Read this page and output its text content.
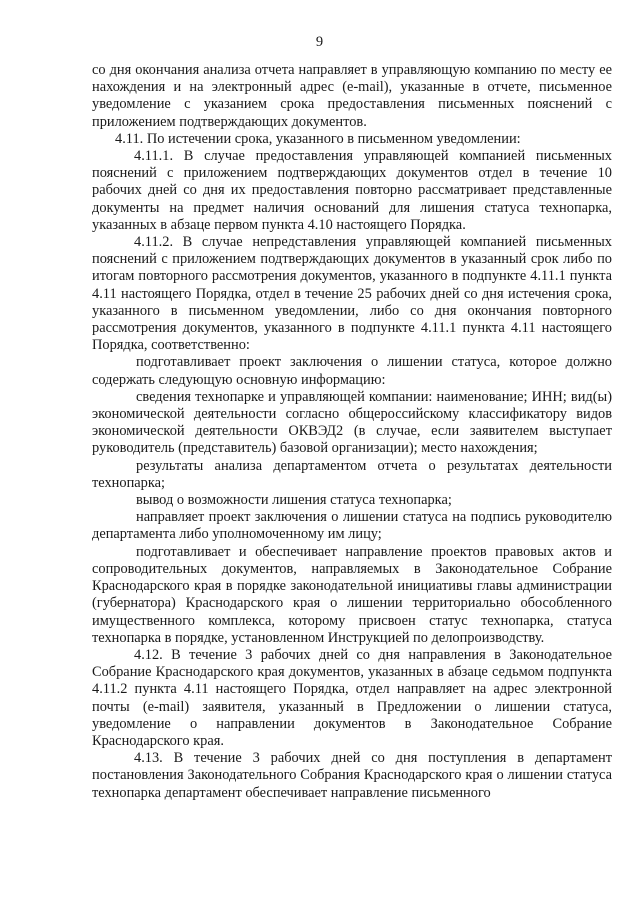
9

со дня окончания анализа отчета направляет в управляющую компанию по месту ее нахождения и на электронный адрес (e-mail), указанные в отчете, письменное уведомление с указанием срока предоставления письменных пояснений с приложением подтверждающих документов.

4.11. По истечении срока, указанного в письменном уведомлении:

4.11.1. В случае предоставления управляющей компанией письменных пояснений с приложением подтверждающих документов отдел в течение 10 рабочих дней со дня их предоставления повторно рассматривает представленные документы на предмет наличия оснований для лишения статуса технопарка, указанных в абзаце первом пункта 4.10 настоящего Порядка.

4.11.2. В случае непредставления управляющей компанией письменных пояснений с приложением подтверждающих документов в указанный срок либо по итогам повторного рассмотрения документов, указанного в подпункте 4.11.1 пункта 4.11 настоящего Порядка, отдел в течение 25 рабочих дней со дня истечения срока, указанного в письменном уведомлении, либо со дня окончания повторного рассмотрения документов, указанного в подпункте 4.11.1 пункта 4.11 настоящего Порядка, соответственно:

подготавливает проект заключения о лишении статуса, которое должно содержать следующую основную информацию:

сведения технопарке и управляющей компании: наименование; ИНН; вид(ы) экономической деятельности согласно общероссийскому классификатору видов экономической деятельности ОКВЭД2 (в случае, если заявителем выступает руководитель (представитель) базовой организации); место нахождения;

результаты анализа департаментом отчета о результатах деятельности технопарка;

вывод о возможности лишения статуса технопарка;

направляет проект заключения о лишении статуса на подпись руководителю департамента либо уполномоченному им лицу;

подготавливает и обеспечивает направление проектов правовых актов и сопроводительных документов, направляемых в Законодательное Собрание Краснодарского края в порядке законодательной инициативы главы администрации (губернатора) Краснодарского края о лишении территориально обособленного имущественного комплекса, которому присвоен статус технопарка, статуса технопарка в порядке, установленном Инструкцией по делопроизводству.

4.12. В течение 3 рабочих дней со дня направления в Законодательное Собрание Краснодарского края документов, указанных в абзаце седьмом подпункта 4.11.2 пункта 4.11 настоящего Порядка, отдел направляет на адрес электронной почты (e-mail) заявителя, указанный в Предложении о лишении статуса, уведомление о направлении документов в Законодательное Собрание Краснодарского края.

4.13. В течение 3 рабочих дней со дня поступления в департамент постановления Законодательного Собрания Краснодарского края о лишении статуса технопарка департамент обеспечивает направление письменного
